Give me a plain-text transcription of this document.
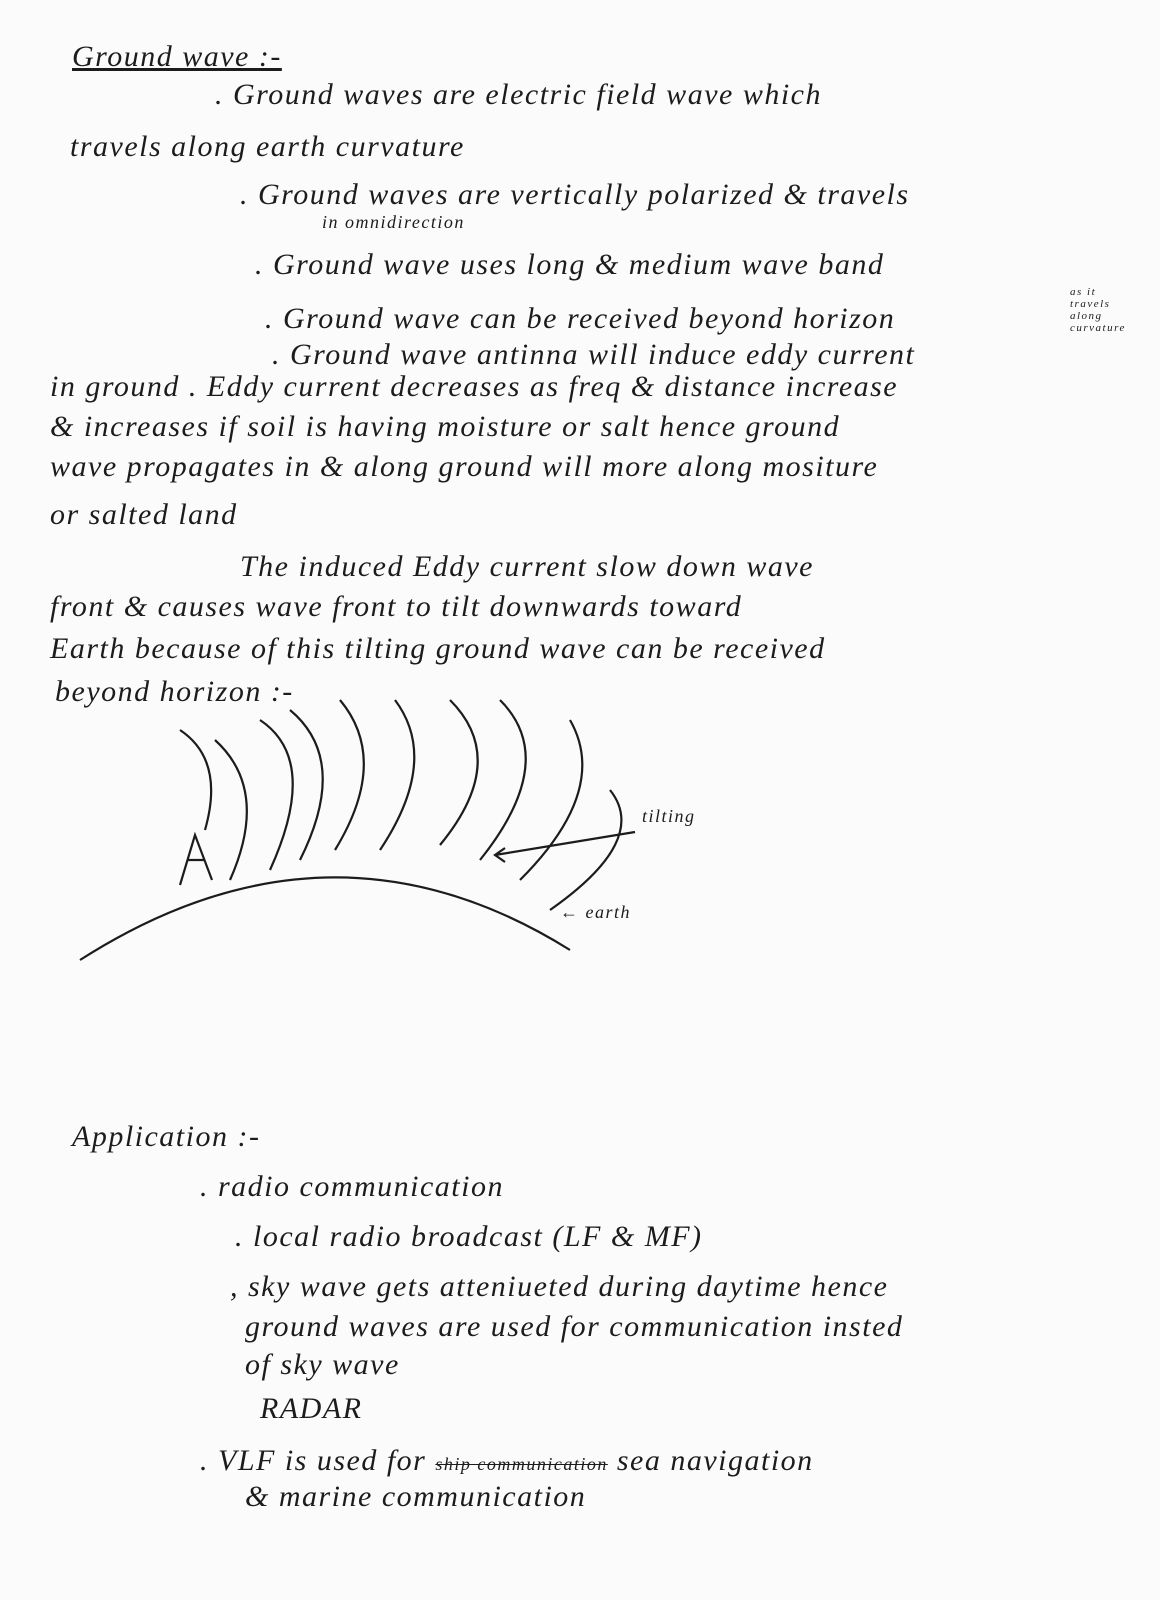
Ground wave :-
. Ground waves are electric field wave which
travels along earth curvature
. Ground waves are vertically polarized & travels
in omnidirection
. Ground wave uses long & medium wave band
. Ground wave can be received beyond horizon
as it travels along curvature
. Ground wave antinna will induce eddy current
in ground . Eddy current decreases as freq & distance increase
& increases if soil is having moisture or salt hence ground
wave propagates in & along ground will more along mositure
or salted land
The induced Eddy current slow down wave
front & causes wave front to tilt downwards toward
Earth because of this tilting ground wave can be received
beyond horizon :-
tilting
← earth
Application :-
. radio communication
. local radio broadcast (LF & MF)
, sky wave gets atteniueted during daytime hence
ground waves are used for communication insted
of sky wave
RADAR
. VLF is used for ship communication sea navigation
& marine communication
